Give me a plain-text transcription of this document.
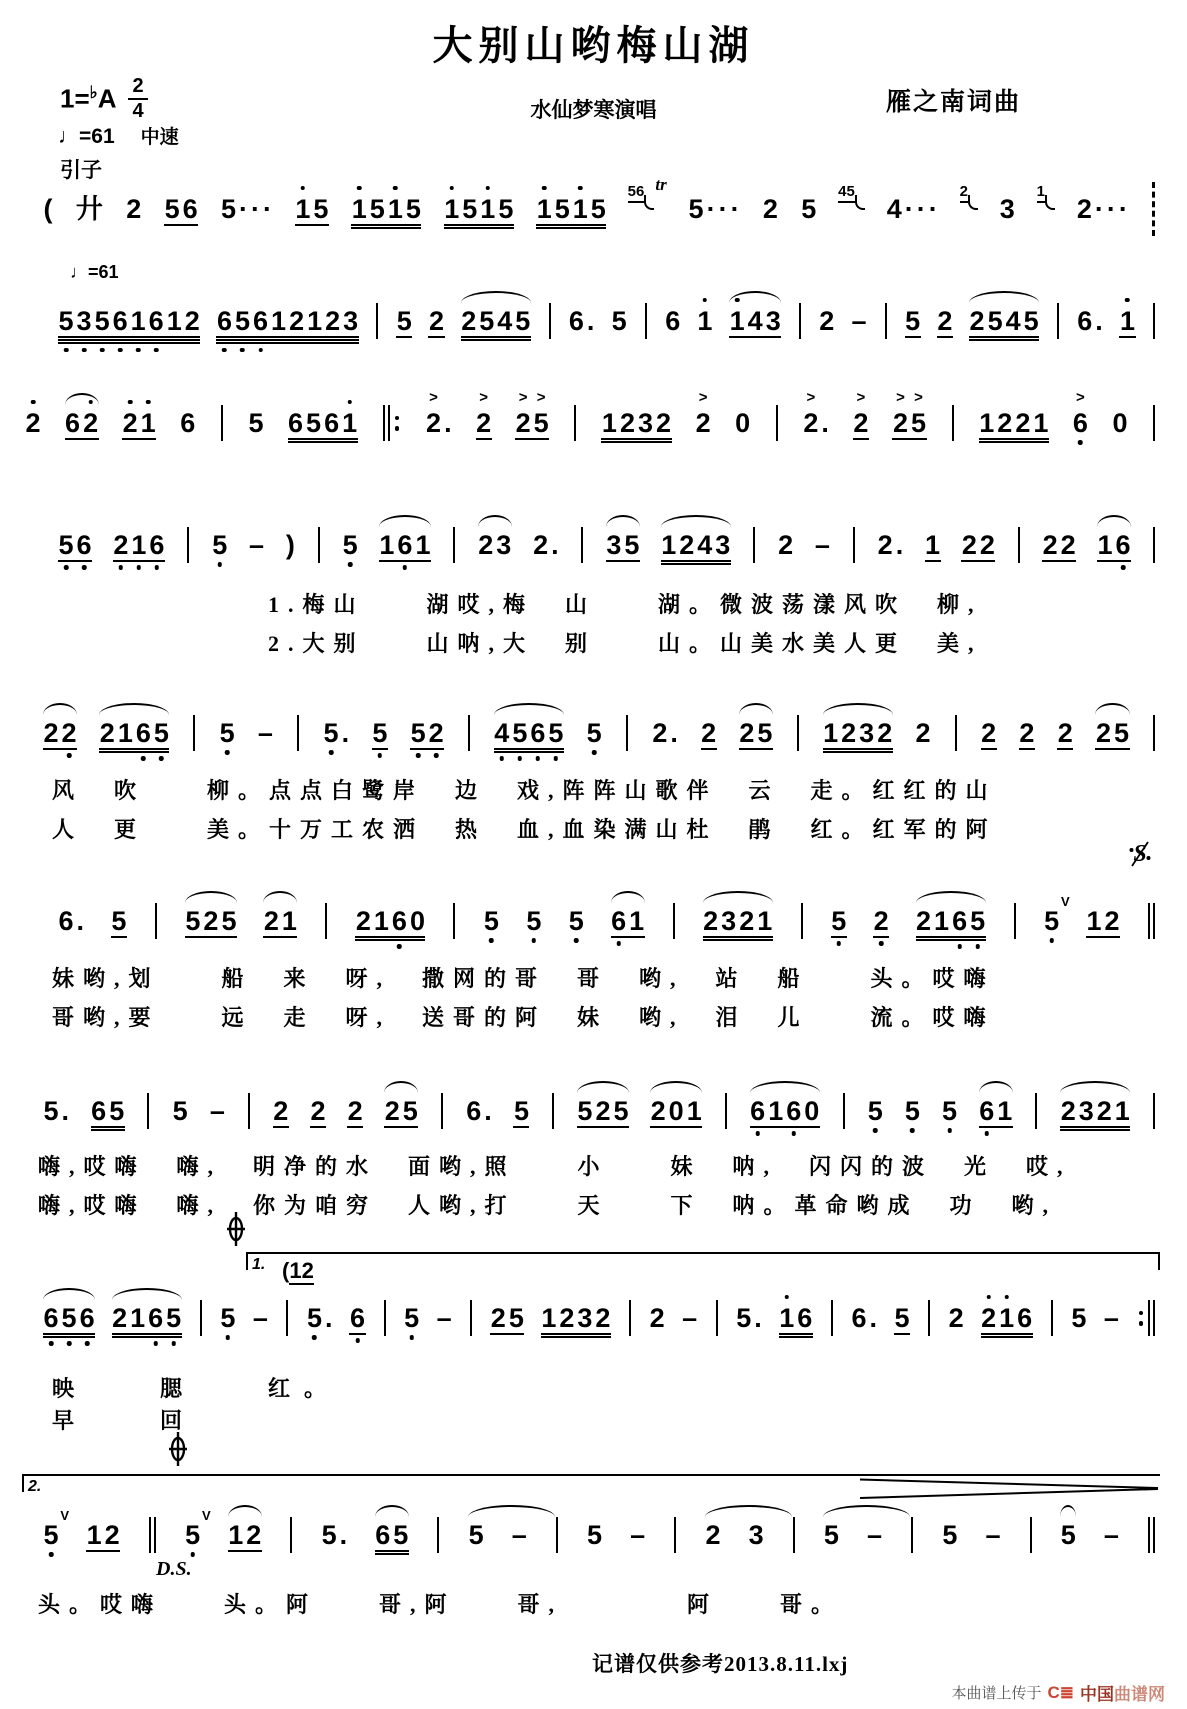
大别山哟梅山湖
1=♭A 2
4	水仙梦寒演唱	雁之南词曲
♩=61 中速
引子
♩=61
( 廾 2 5 6 5 · · · 1 5 1 5 1 5 1 5 1 5 1 5 1 5
56 tr
5 · · · 2 5
45
4 · · ·
2
3
1
2 · · ·
5 3 5 6 1 6 1 2 6 5 6 1 2 1 2 3 5 2 2 5 4 5 6 . 5 6 1 1 4 3 2 – 5 2 2 5 4 5 6 . 1
2 6 2 2 1 6 5 6 5 6 1	2
>
. 2
>
2
>
5
>
1 2 3 2 2
>
0 2
>
. 2
>
2
>
5
>
1 2 2 1 6
>
0
5 6 2 1 6 5 – ) 5 1 6 1 2 3 2 . 3 5 1 2 4 3 2 – 2 . 1 2 2 2 2 1 6
2 2 2 1 6 5 5 – 5 . 5 5 2 4 5 6 5 5 2 . 2 2 5 1 2 3 2 2 2 2 2 2 5
6 . 5 5 2 5 2 1 2 1 6 0 5 5 5 6 1 2 3 2 1 5 2 2 1 6 5 5
V
1 2
5 . 6 5 5 – 2 2 2 2 5 6 . 5 5 2 5 2 0 1 6 1 6 0 5 5 5 6 1 2 3 2 1
6 5 6 2 1 6 5 5 – 5 . 6 5 – 2 5 1 2 3 2 2 – 5 . 1 6 6 . 5 2 2 1 6 5 –
5
V
1 2 5
V
1 2 5 . 6 5 5 – 5 – 2 3 5 – 5 – 5 –
1.梅山　　湖哎,梅　山　　湖。微波荡漾风吹　柳,
2.大别　　山呐,大　别　　山。山美水美人更　美,
风　吹　　柳。点点白鹭岸　边　戏,阵阵山歌伴　云　走。红红的山
人　更　　美。十万工农洒　热　血,血染满山杜　鹃　红。红军的阿
妹哟,划　　船　来　呀,　撒网的哥　哥　哟,　站　船　　头。哎嗨
哥哟,要　　远　走　呀,　送哥的阿　妹　哟,　泪　儿　　流。哎嗨
嗨,哎嗨　嗨,　明净的水　面哟,照　　小　　妹　呐,　闪闪的波　光　哎,
嗨,哎嗨　嗨,　你为咱穷　人哟,打　　天　　下　呐。革命哟成　功　哟,
映　　腮　　红。
早　　回
头。哎嗨　　头。阿　　哥,阿　　哥,　　　　阿　　哥。
S
1. (12
2.
D.S.
记谱仅供参考2013.8.11.lxj
本曲谱上传于 C≣ 中国曲谱网
